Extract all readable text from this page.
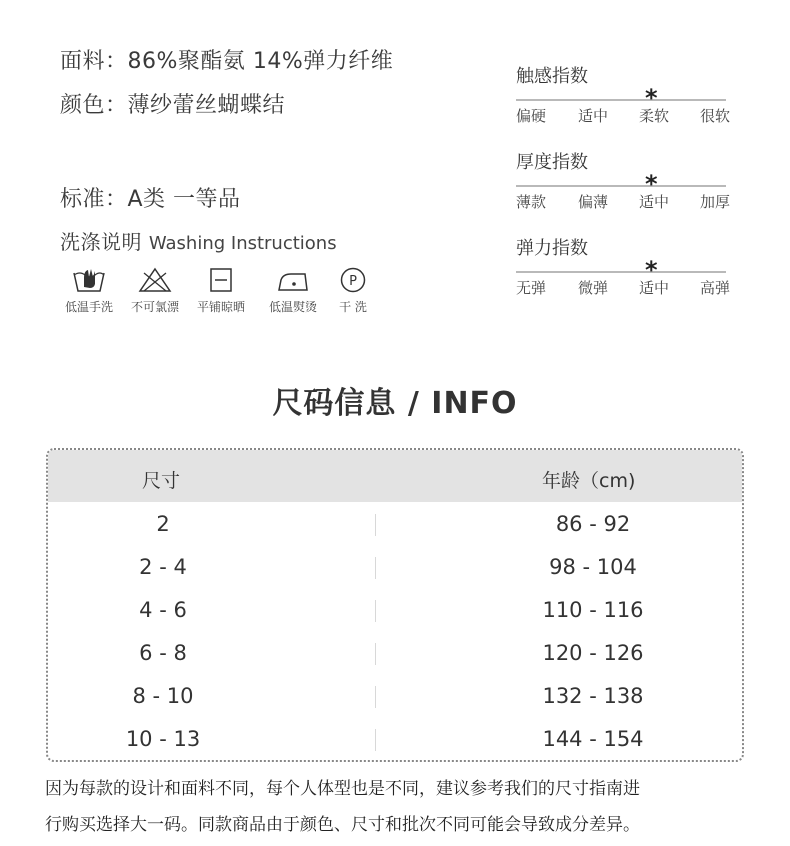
面料：86%聚酯氨 14%弹力纤维
颜色：薄纱蕾丝蝴蝶结
标准：A类 一等品
洗涤说明 Washing Instructions
低温手洗	不可氯漂	平铺晾晒	低温熨烫
P
干 洗
触感指数
*
偏硬 适中 柔软 很软
厚度指数
*
薄款 偏薄 适中 加厚
弹力指数
*
无弹 微弹 适中 高弹
尺码信息 / INFO
尺寸	年龄（cm)
2	86 - 92
2 - 4	98 - 104
4 - 6	110 - 116
6 - 8	120 - 126
8 - 10	132 - 138
10 - 13	144 - 154
因为每款的设计和面料不同，每个人体型也是不同，建议参考我们的尺寸指南进
行购买选择大一码。同款商品由于颜色、尺寸和批次不同可能会导致成分差异。
